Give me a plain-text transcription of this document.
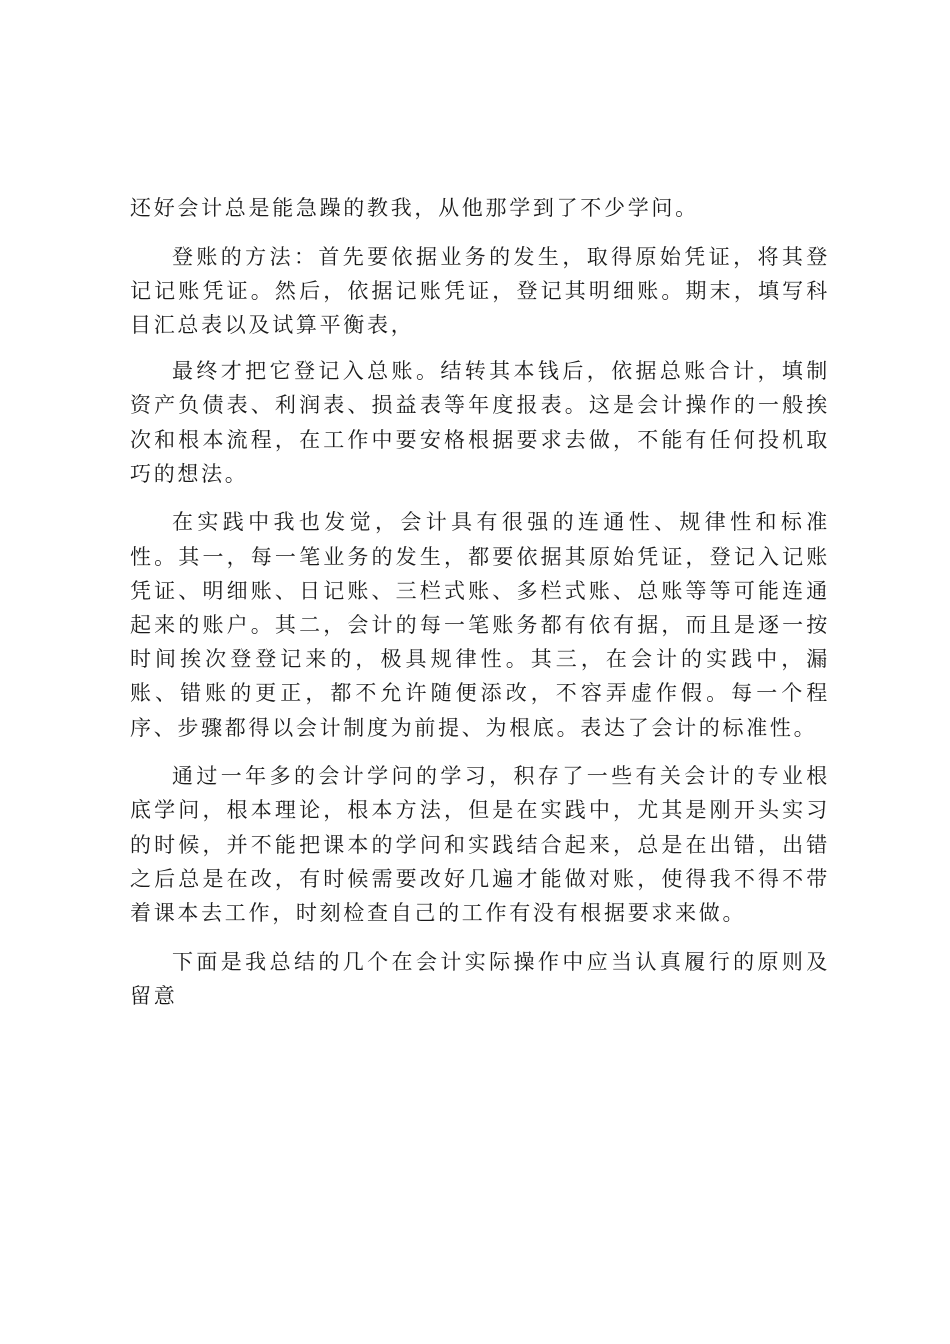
还好会计总是能急躁的教我，从他那学到了不少学问。

登账的方法：首先要依据业务的发生，取得原始凭证，将其登记记账凭证。然后，依据记账凭证，登记其明细账。期末，填写科目汇总表以及试算平衡表，

最终才把它登记入总账。结转其本钱后，依据总账合计，填制资产负债表、利润表、损益表等年度报表。这是会计操作的一般挨次和根本流程，在工作中要安格根据要求去做，不能有任何投机取巧的想法。

在实践中我也发觉，会计具有很强的连通性、规律性和标准性。其一，每一笔业务的发生，都要依据其原始凭证，登记入记账凭证、明细账、日记账、三栏式账、多栏式账、总账等等可能连通起来的账户。其二，会计的每一笔账务都有依有据，而且是逐一按时间挨次登登记来的，极具规律性。其三，在会计的实践中，漏账、错账的更正，都不允许随便添改，不容弄虚作假。每一个程序、步骤都得以会计制度为前提、为根底。表达了会计的标准性。

通过一年多的会计学问的学习，积存了一些有关会计的专业根底学问，根本理论，根本方法，但是在实践中，尤其是刚开头实习的时候，并不能把课本的学问和实践结合起来，总是在出错，出错之后总是在改，有时候需要改好几遍才能做对账，使得我不得不带着课本去工作，时刻检查自己的工作有没有根据要求来做。

下面是我总结的几个在会计实际操作中应当认真履行的原则及留意
